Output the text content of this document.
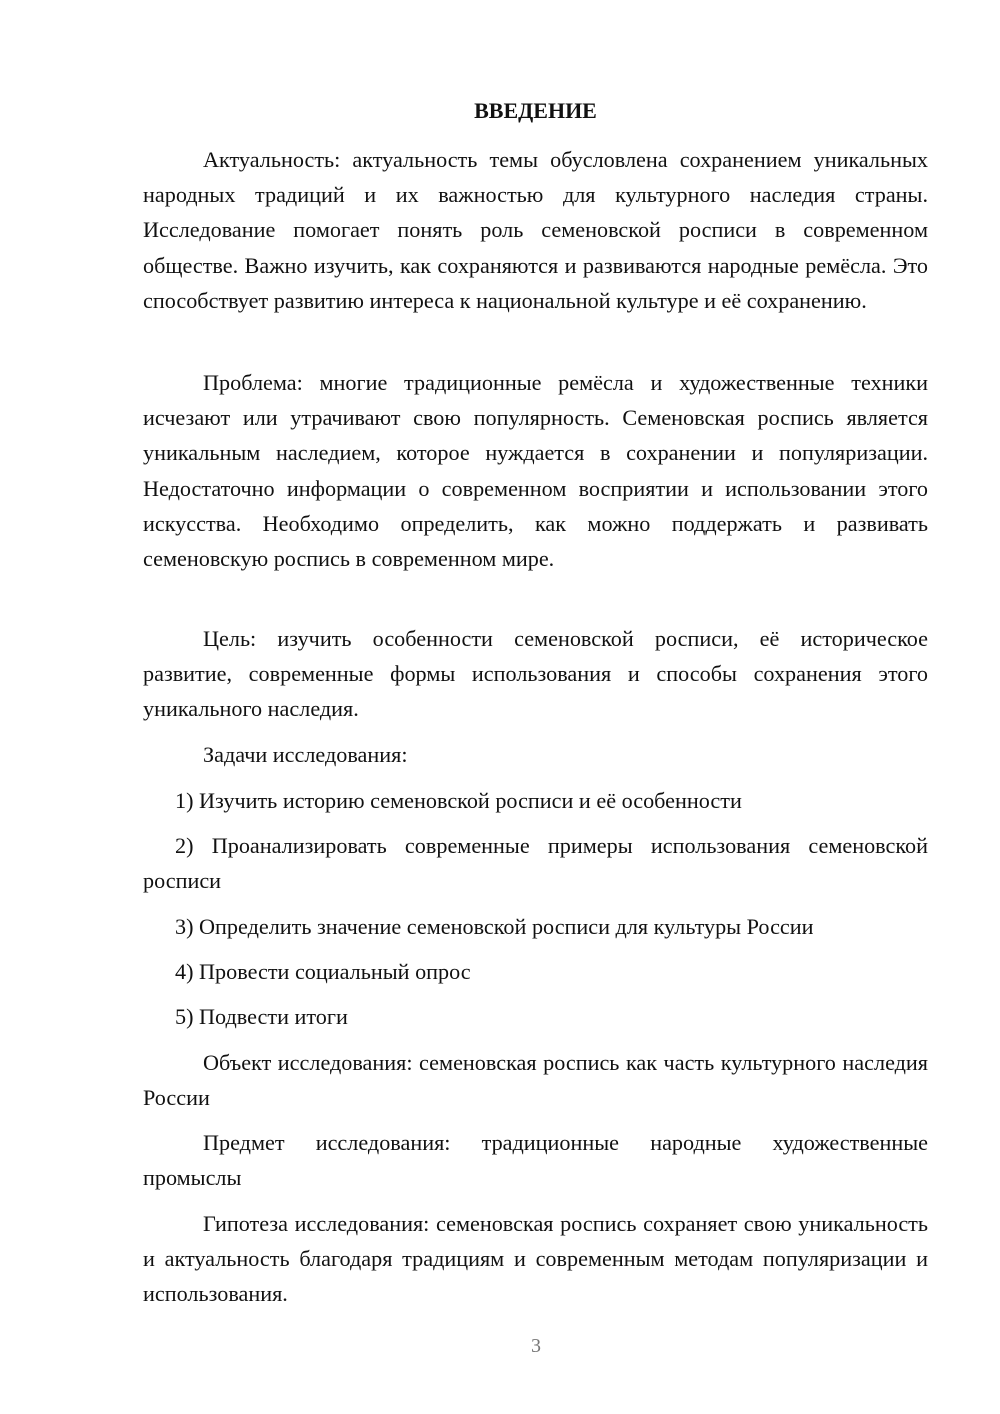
ВВЕДЕНИЕ

Актуальность: актуальность темы обусловлена сохранением уникальных народных традиций и их важностью для культурного наследия страны. Исследование помогает понять роль семеновской росписи в современном обществе. Важно изучить, как сохраняются и развиваются народные ремёсла. Это способствует развитию интереса к национальной культуре и её сохранению.

Проблема: многие традиционные ремёсла и художественные техники исчезают или утрачивают свою популярность. Семеновская роспись является уникальным наследием, которое нуждается в сохранении и популяризации. Недостаточно информации о современном восприятии и использовании этого искусства. Необходимо определить, как можно поддержать и развивать семеновскую роспись в современном мире.

Цель: изучить особенности семеновской росписи, её историческое развитие, современные формы использования и способы сохранения этого уникального наследия.

Задачи исследования:

1) Изучить историю семеновской росписи и её особенности

2) Проанализировать современные примеры использования семеновской росписи

3) Определить значение семеновской росписи для культуры России

4) Провести социальный опрос

5) Подвести итоги

Объект исследования: семеновская роспись как часть культурного наследия России

Предмет исследования: традиционные народные художественные промыслы

Гипотеза исследования: семеновская роспись сохраняет свою уникальность и актуальность благодаря традициям и современным методам популяризации и использования.

3
